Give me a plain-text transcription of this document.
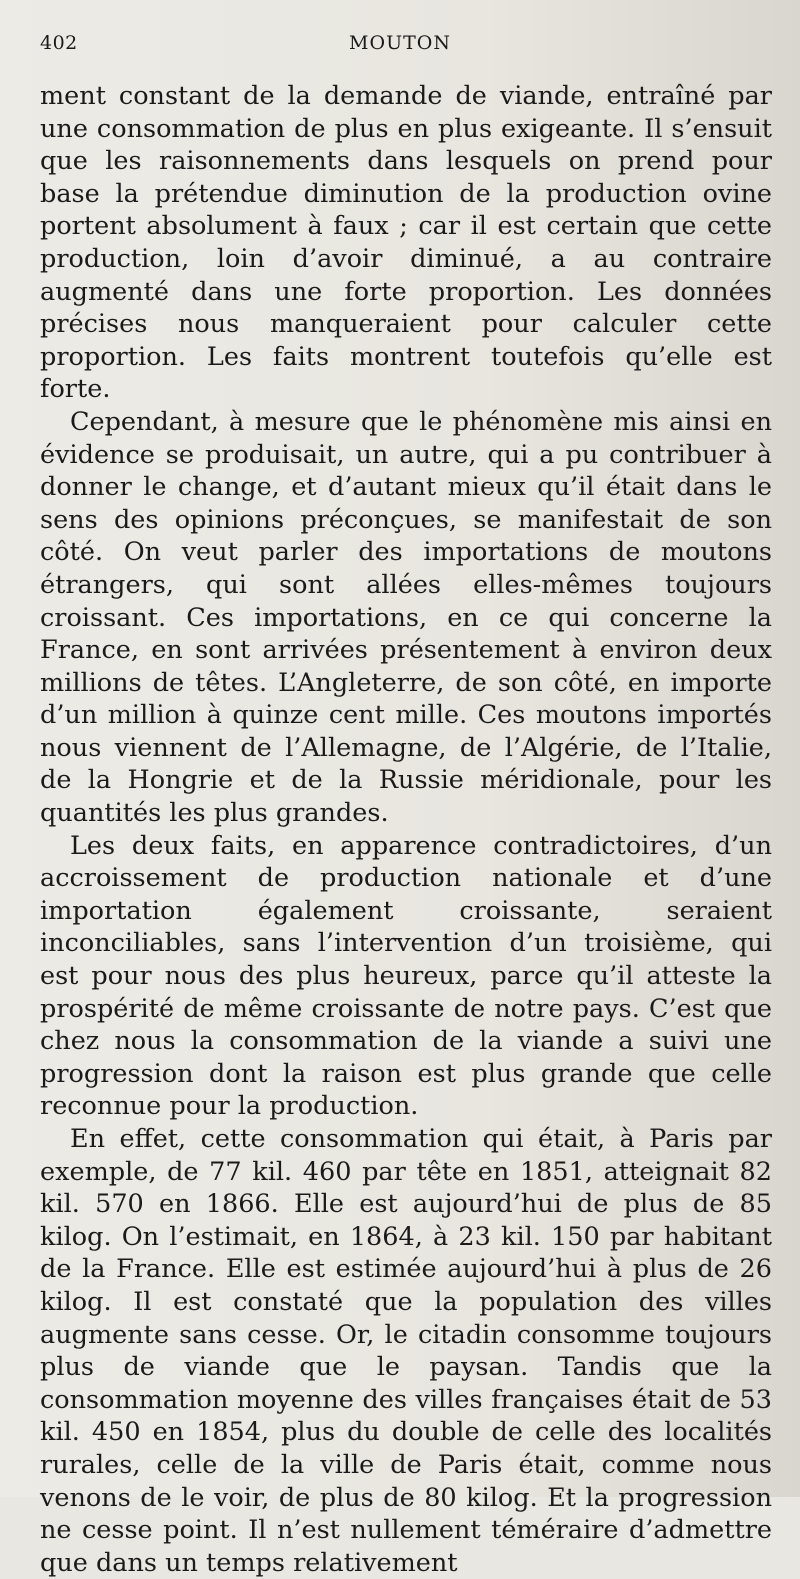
402	MOUTON

ment constant de la demande de viande, entraîné par une consommation de plus en plus exigeante. Il s’ensuit que les raisonnements dans lesquels on prend pour base la prétendue diminution de la production ovine portent absolument à faux ; car il est certain que cette production, loin d’avoir diminué, a au contraire augmenté dans une forte proportion. Les données précises nous manqueraient pour calculer cette proportion. Les faits montrent toutefois qu’elle est forte.

Cependant, à mesure que le phénomène mis ainsi en évidence se produisait, un autre, qui a pu contribuer à donner le change, et d’autant mieux qu’il était dans le sens des opinions préconçues, se manifestait de son côté. On veut parler des importations de moutons étrangers, qui sont allées elles-mêmes toujours croissant. Ces importations, en ce qui concerne la France, en sont arrivées présentement à environ deux millions de têtes. L’Angleterre, de son côté, en importe d’un million à quinze cent mille. Ces moutons importés nous viennent de l’Allemagne, de l’Algérie, de l’Italie, de la Hongrie et de la Russie méridionale, pour les quantités les plus grandes.

Les deux faits, en apparence contradictoires, d’un accroissement de production nationale et d’une importation également croissante, seraient inconciliables, sans l’intervention d’un troisième, qui est pour nous des plus heureux, parce qu’il atteste la prospérité de même croissante de notre pays. C’est que chez nous la consommation de la viande a suivi une progression dont la raison est plus grande que celle reconnue pour la production.

En effet, cette consommation qui était, à Paris par exemple, de 77 kil. 460 par tête en 1851, atteignait 82 kil. 570 en 1866. Elle est aujourd’hui de plus de 85 kilog. On l’estimait, en 1864, à 23 kil. 150 par habitant de la France. Elle est estimée aujourd’hui à plus de 26 kilog. Il est constaté que la population des villes augmente sans cesse. Or, le citadin consomme toujours plus de viande que le paysan. Tandis que la consommation moyenne des villes françaises était de 53 kil. 450 en 1854, plus du double de celle des localités rurales, celle de la ville de Paris était, comme nous venons de le voir, de plus de 80 kilog. Et la progression ne cesse point. Il n’est nullement téméraire d’admettre que dans un temps relativement
